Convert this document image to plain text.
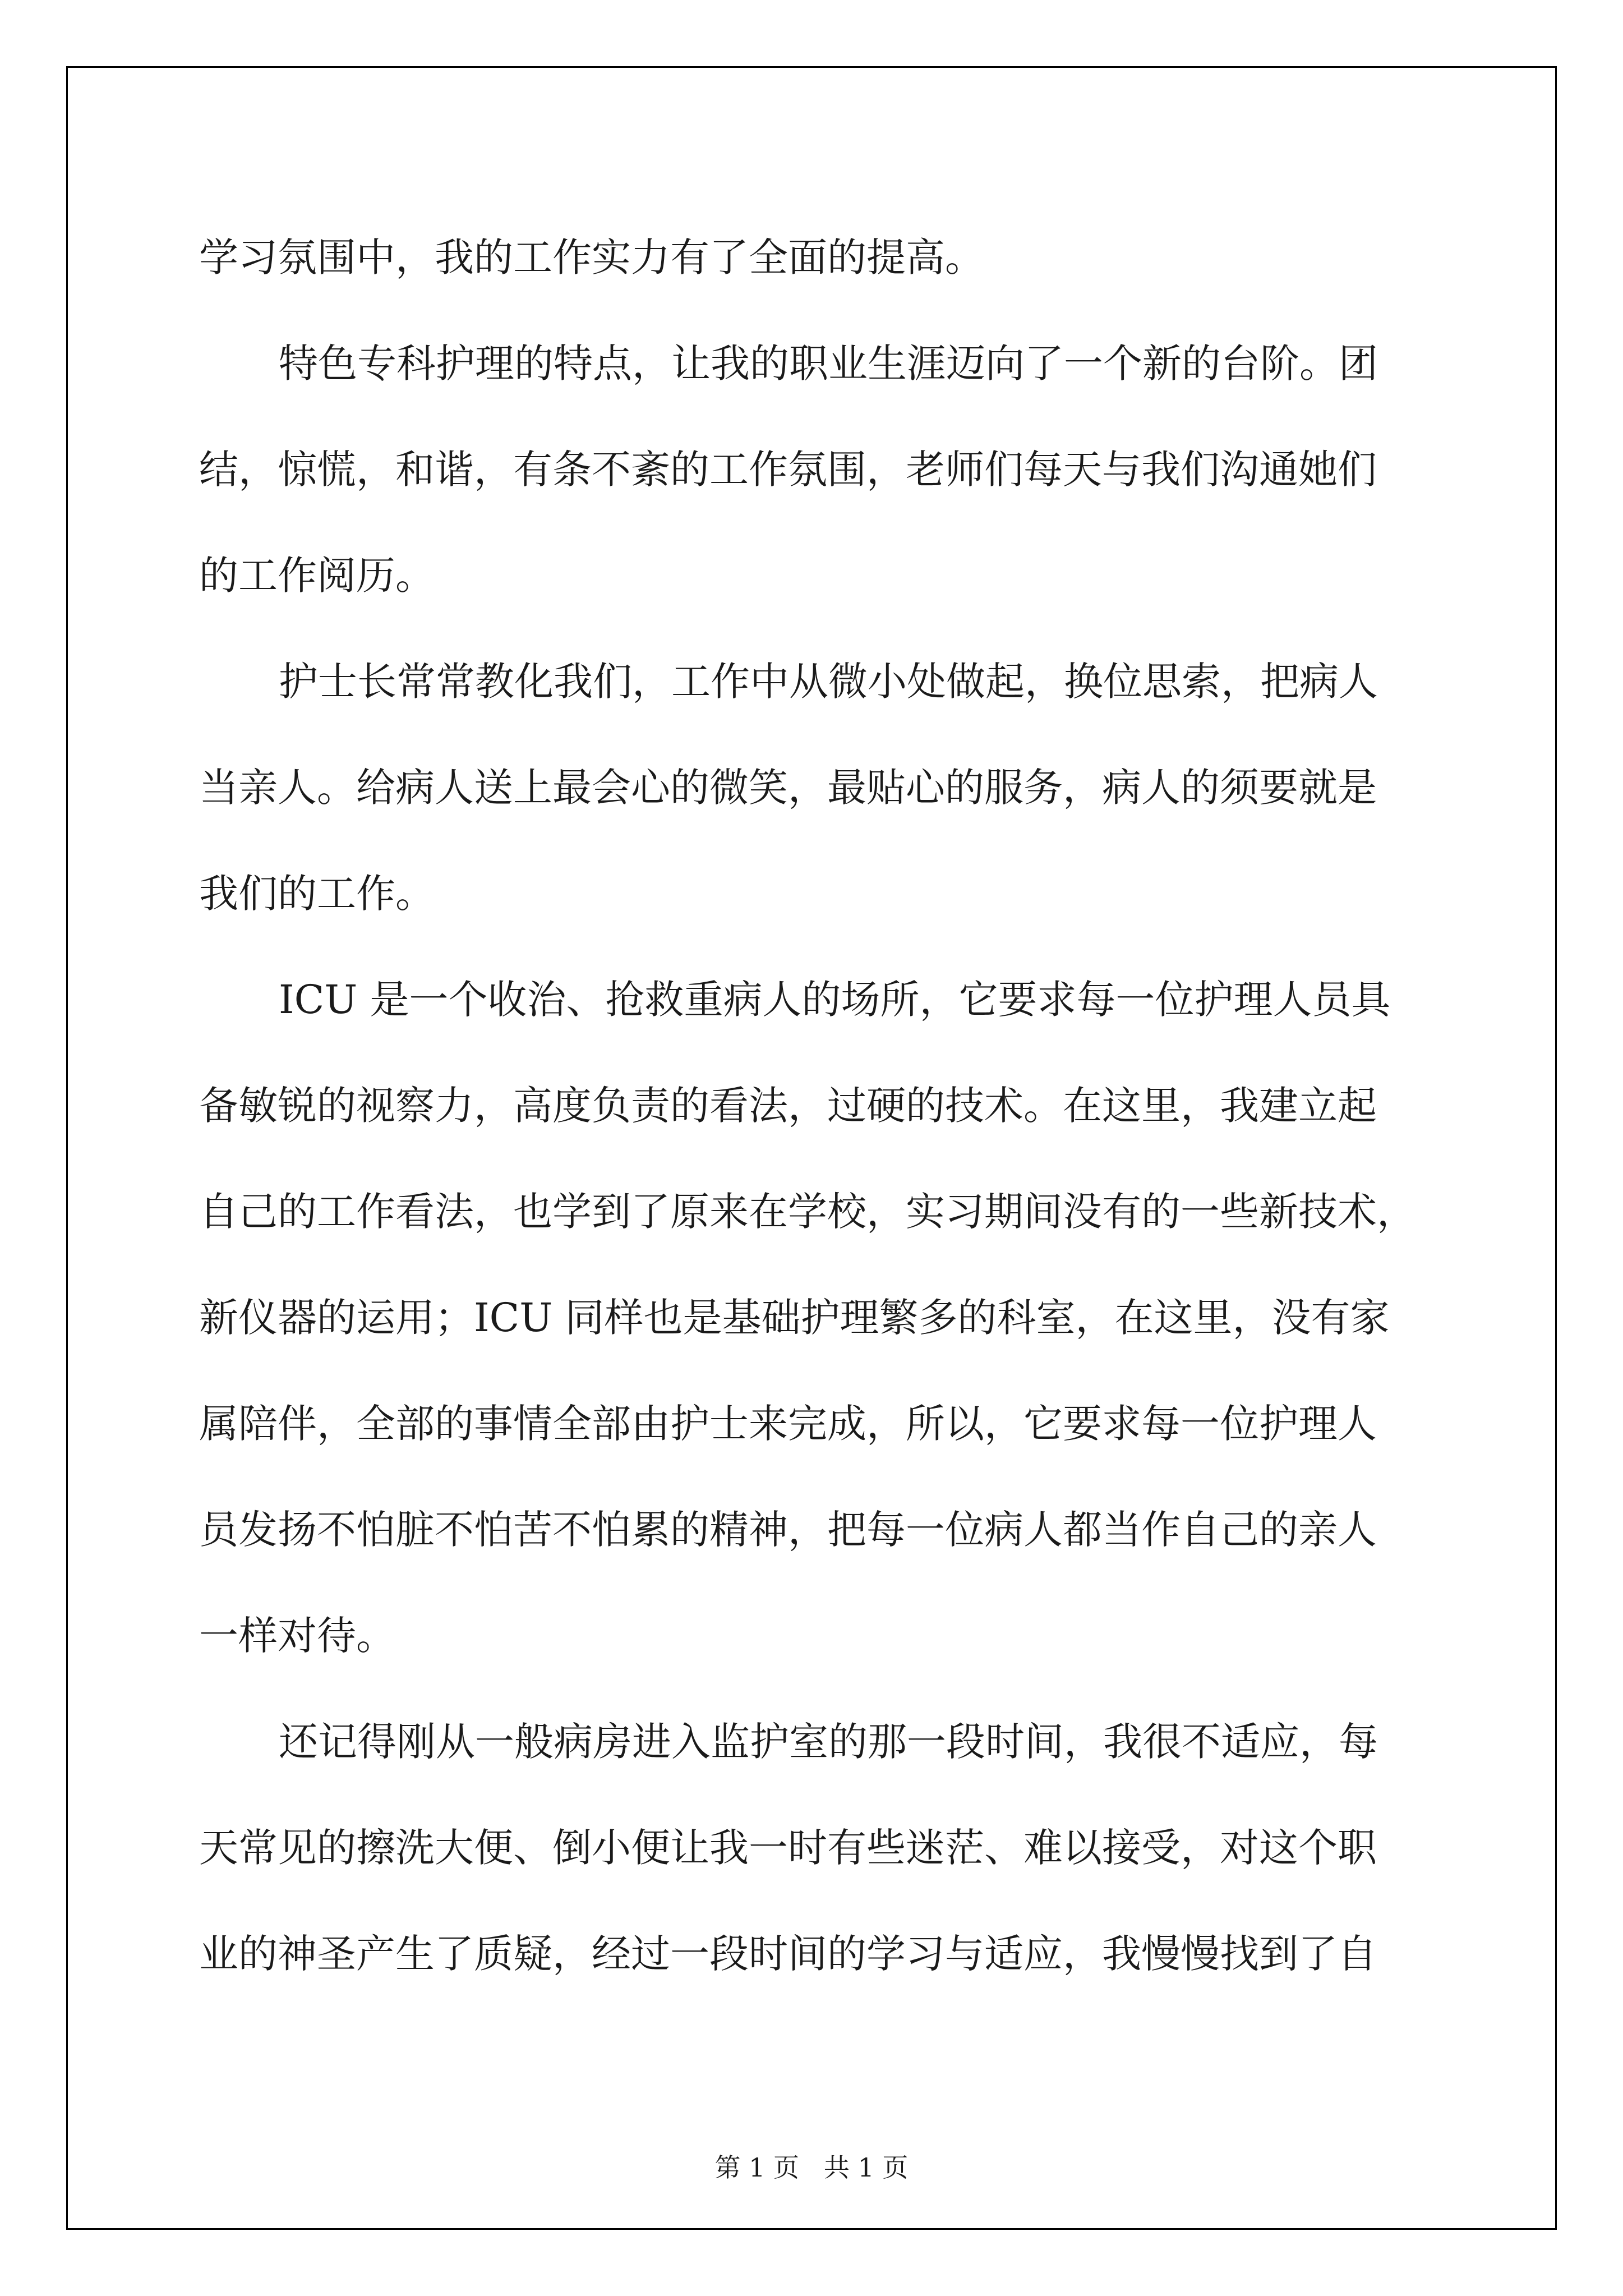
学习氛围中，我的工作实力有了全面的提高。
特色专科护理的特点，让我的职业生涯迈向了一个新的台阶。团
结，惊慌，和谐，有条不紊的工作氛围，老师们每天与我们沟通她们
的工作阅历。
护士长常常教化我们，工作中从微小处做起，换位思索，把病人
当亲人。给病人送上最会心的微笑，最贴心的服务，病人的须要就是
我们的工作。
ICU 是一个收治、抢救重病人的场所，它要求每一位护理人员具
备敏锐的视察力，高度负责的看法，过硬的技术。在这里，我建立起
自己的工作看法，也学到了原来在学校，实习期间没有的一些新技术，
新仪器的运用；ICU 同样也是基础护理繁多的科室，在这里，没有家
属陪伴，全部的事情全部由护士来完成，所以，它要求每一位护理人
员发扬不怕脏不怕苦不怕累的精神，把每一位病人都当作自己的亲人
一样对待。
还记得刚从一般病房进入监护室的那一段时间，我很不适应，每
天常见的擦洗大便、倒小便让我一时有些迷茫、难以接受，对这个职
业的神圣产生了质疑，经过一段时间的学习与适应，我慢慢找到了自
第 1 页   共 1 页
